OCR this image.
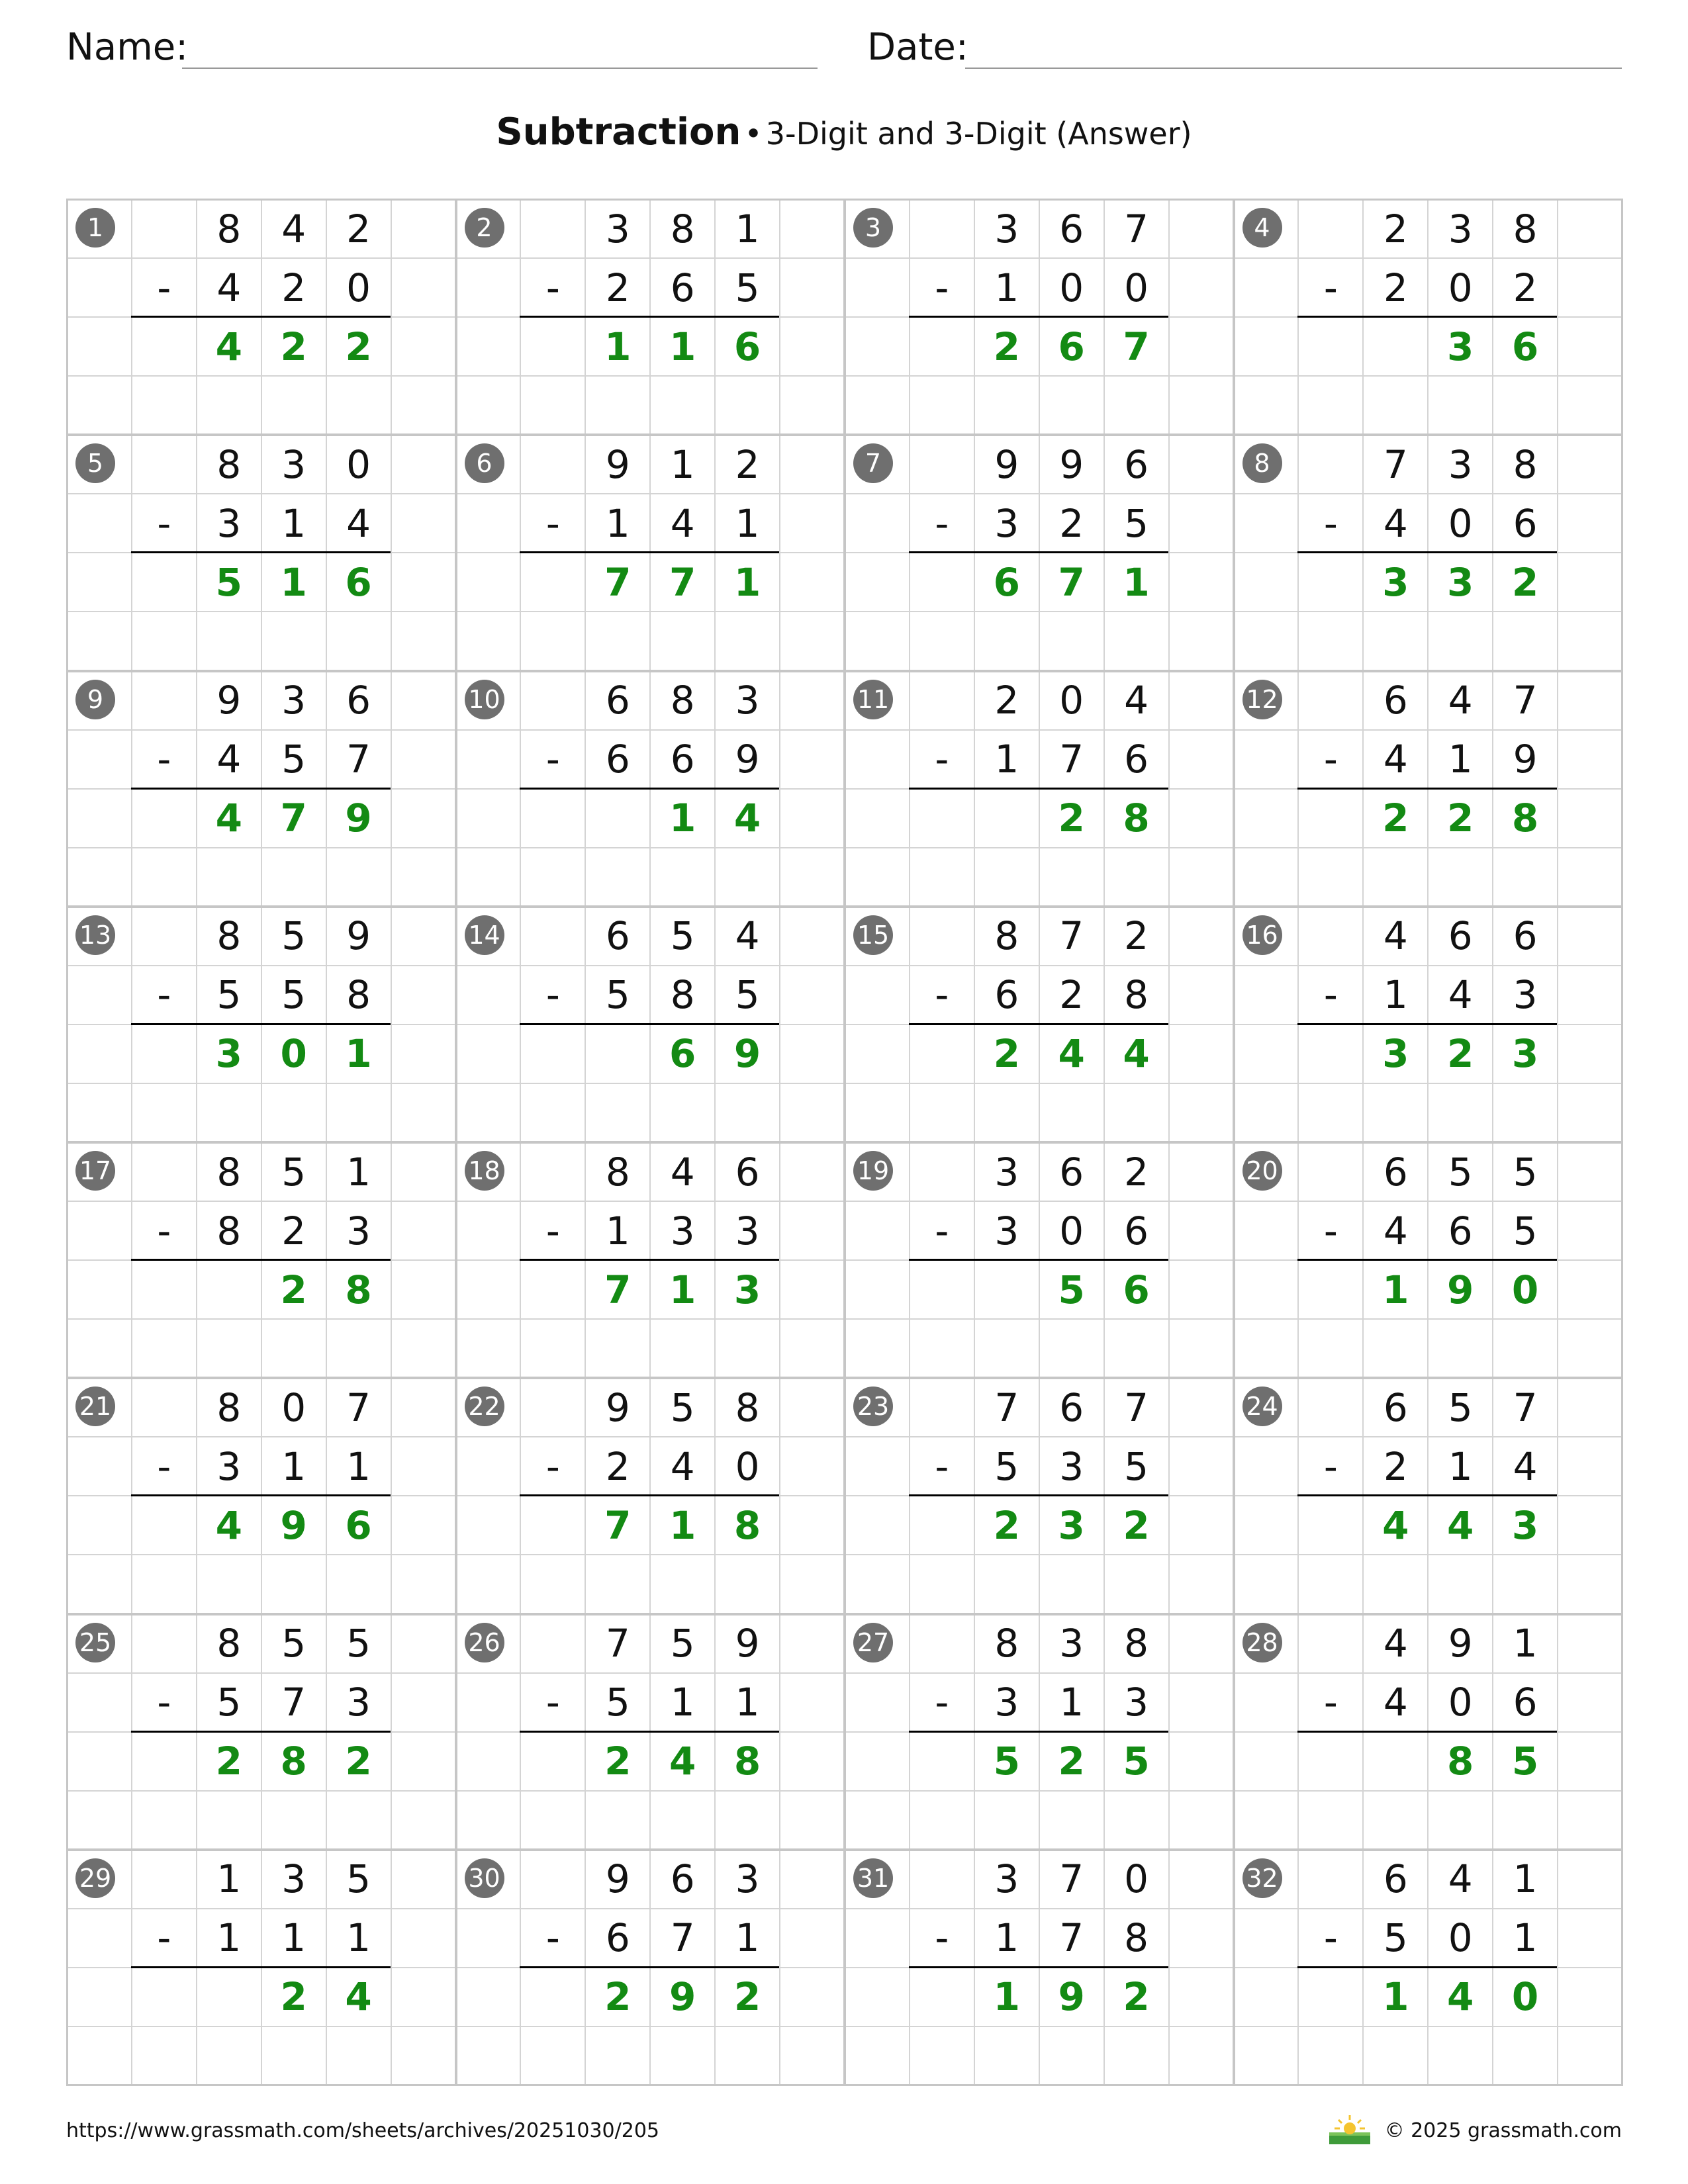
Name:	Date:
Subtraction • 3-Digit and 3-Digit (Answer)
1	8 4 2
- 4 2 0
4 2 2
2	3 8 1
- 2 6 5
1 1 6
3	3 6 7
- 1 0 0
2 6 7
4	2 3 8
- 2 0 2
3 6
5	8 3 0
- 3 1 4
5 1 6
6	9 1 2
- 1 4 1
7 7 1
7	9 9 6
- 3 2 5
6 7 1
8	7 3 8
- 4 0 6
3 3 2
9	9 3 6
- 4 5 7
4 7 9
10	6 8 3
- 6 6 9
1 4
11	2 0 4
- 1 7 6
2 8
12	6 4 7
- 4 1 9
2 2 8
13	8 5 9
- 5 5 8
3 0 1
14	6 5 4
- 5 8 5
6 9
15	8 7 2
- 6 2 8
2 4 4
16	4 6 6
- 1 4 3
3 2 3
17	8 5 1
- 8 2 3
2 8
18	8 4 6
- 1 3 3
7 1 3
19	3 6 2
- 3 0 6
5 6
20	6 5 5
- 4 6 5
1 9 0
21	8 0 7
- 3 1 1
4 9 6
22	9 5 8
- 2 4 0
7 1 8
23	7 6 7
- 5 3 5
2 3 2
24	6 5 7
- 2 1 4
4 4 3
25	8 5 5
- 5 7 3
2 8 2
26	7 5 9
- 5 1 1
2 4 8
27	8 3 8
- 3 1 3
5 2 5
28	4 9 1
- 4 0 6
8 5
29	1 3 5
- 1 1 1
2 4
30	9 6 3
- 6 7 1
2 9 2
31	3 7 0
- 1 7 8
1 9 2
32	6 4 1
- 5 0 1
1 4 0
https://www.grassmath.com/sheets/archives/20251030/205	© 2025 grassmath.com
